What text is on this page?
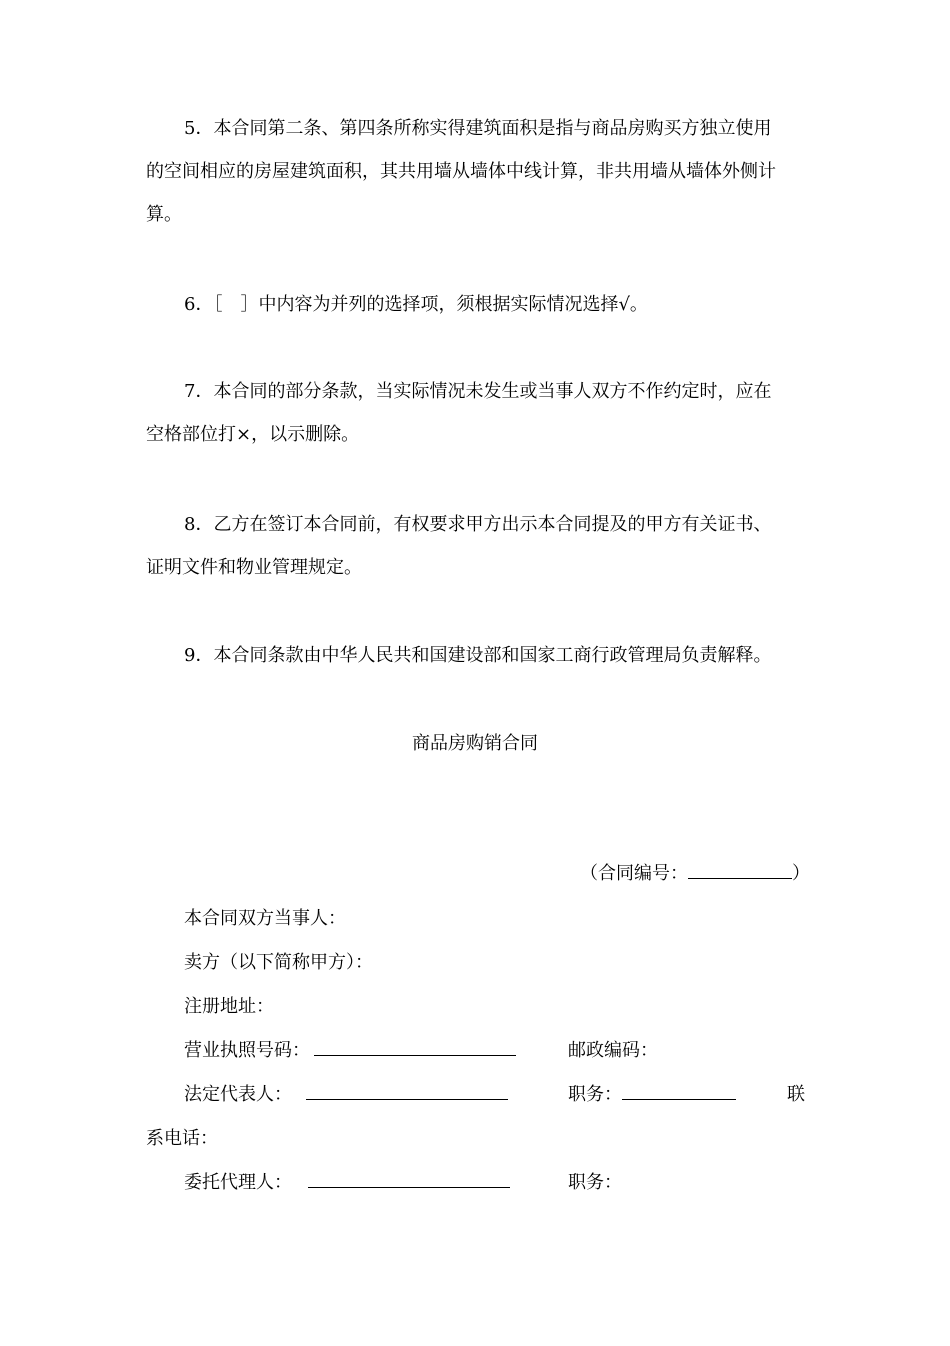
5．本合同第二条、第四条所称实得建筑面积是指与商品房购买方独立使用

的空间相应的房屋建筑面积，其共用墙从墙体中线计算，非共用墙从墙体外侧计

算。

6．［　］中内容为并列的选择项，须根据实际情况选择√。

7．本合同的部分条款，当实际情况未发生或当事人双方不作约定时，应在

空格部位打×，以示删除。

8．乙方在签订本合同前，有权要求甲方出示本合同提及的甲方有关证书、

证明文件和物业管理规定。

9．本合同条款由中华人民共和国建设部和国家工商行政管理局负责解释。

商品房购销合同

（合同编号：	）

本合同双方当事人：

卖方（以下简称甲方）：

注册地址：

营业执照号码：	邮政编码：

法定代表人：	职务：	联

系电话：

委托代理人：	职务：
